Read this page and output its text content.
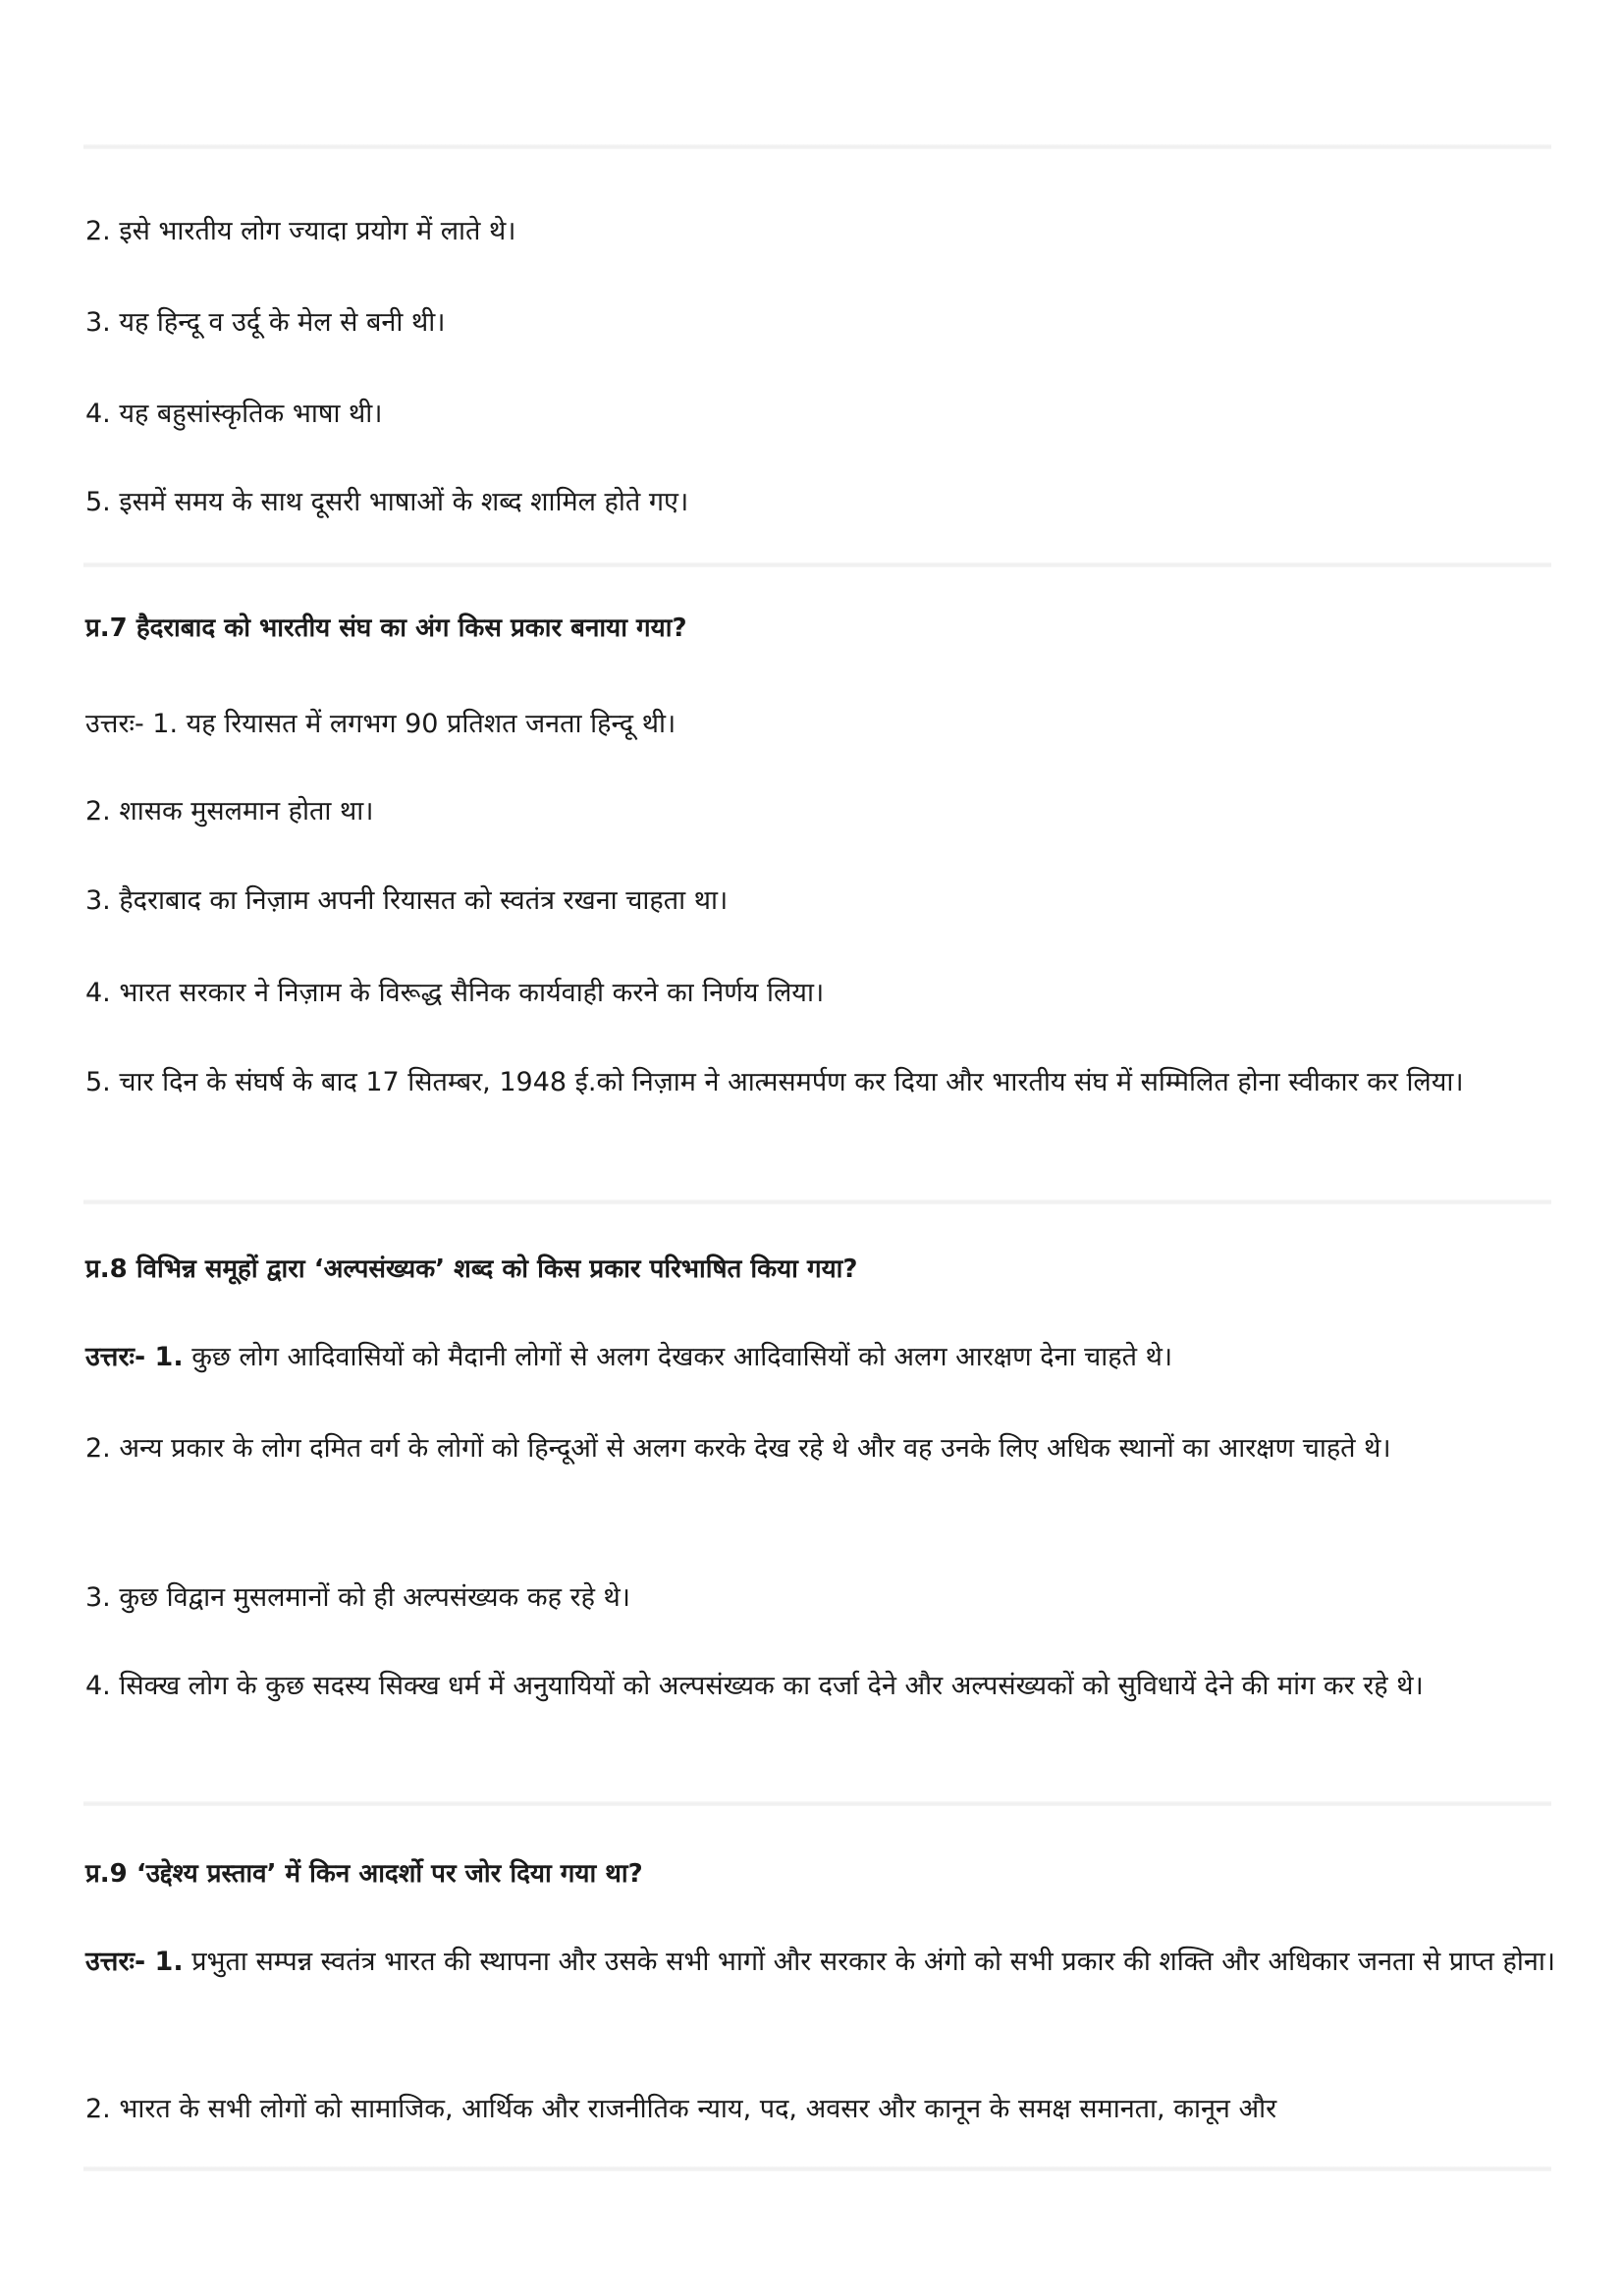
2. इसे भारतीय लोग ज्यादा प्रयोग में लाते थे।

3. यह हिन्दू व उर्दू के मेल से बनी थी।

4. यह बहुसांस्कृतिक भाषा थी।

5. इसमें समय के साथ दूसरी भाषाओं के शब्द शामिल होते गए।

प्र.7 हैदराबाद को भारतीय संघ का अंग किस प्रकार बनाया गया?

उत्तरः- 1. यह रियासत में लगभग 90 प्रतिशत जनता हिन्दू थी।

2. शासक मुसलमान होता था।

3. हैदराबाद का निज़ाम अपनी रियासत को स्वतंत्र रखना चाहता था।

4. भारत सरकार ने निज़ाम के विरूद्ध सैनिक कार्यवाही करने का निर्णय लिया।

5. चार दिन के संघर्ष के बाद 17 सितम्बर, 1948 ई.को निज़ाम ने आत्मसमर्पण कर दिया और भारतीय संघ में सम्मिलित होना स्वीकार कर लिया।

प्र.8 विभिन्न समूहों द्वारा ‘अल्पसंख्यक’ शब्द को किस प्रकार परिभाषित किया गया?

उत्तरः- 1. कुछ लोग आदिवासियों को मैदानी लोगों से अलग देखकर आदिवासियों को अलग आरक्षण देना चाहते थे।

2. अन्य प्रकार के लोग दमित वर्ग के लोगों को हिन्दूओं से अलग करके देख रहे थे और वह उनके लिए अधिक स्थानों का आरक्षण चाहते थे।

3. कुछ विद्वान मुसलमानों को ही अल्पसंख्यक कह रहे थे।

4. सिक्ख लोग के कुछ सदस्य सिक्ख धर्म में अनुयायियों को अल्पसंख्यक का दर्जा देने और अल्पसंख्यकों को सुविधायें देने की मांग कर रहे थे।

प्र.9 ‘उद्देश्य प्रस्ताव’ में किन आदर्शो पर जोर दिया गया था?

उत्तरः- 1. प्रभुता सम्पन्न स्वतंत्र भारत की स्थापना और उसके सभी भागों और सरकार के अंगो को सभी प्रकार की शक्ति और अधिकार जनता से प्राप्त होना।

2. भारत के सभी लोगों को सामाजिक, आर्थिक और राजनीतिक न्याय, पद, अवसर और कानून के समक्ष समानता, कानून और
